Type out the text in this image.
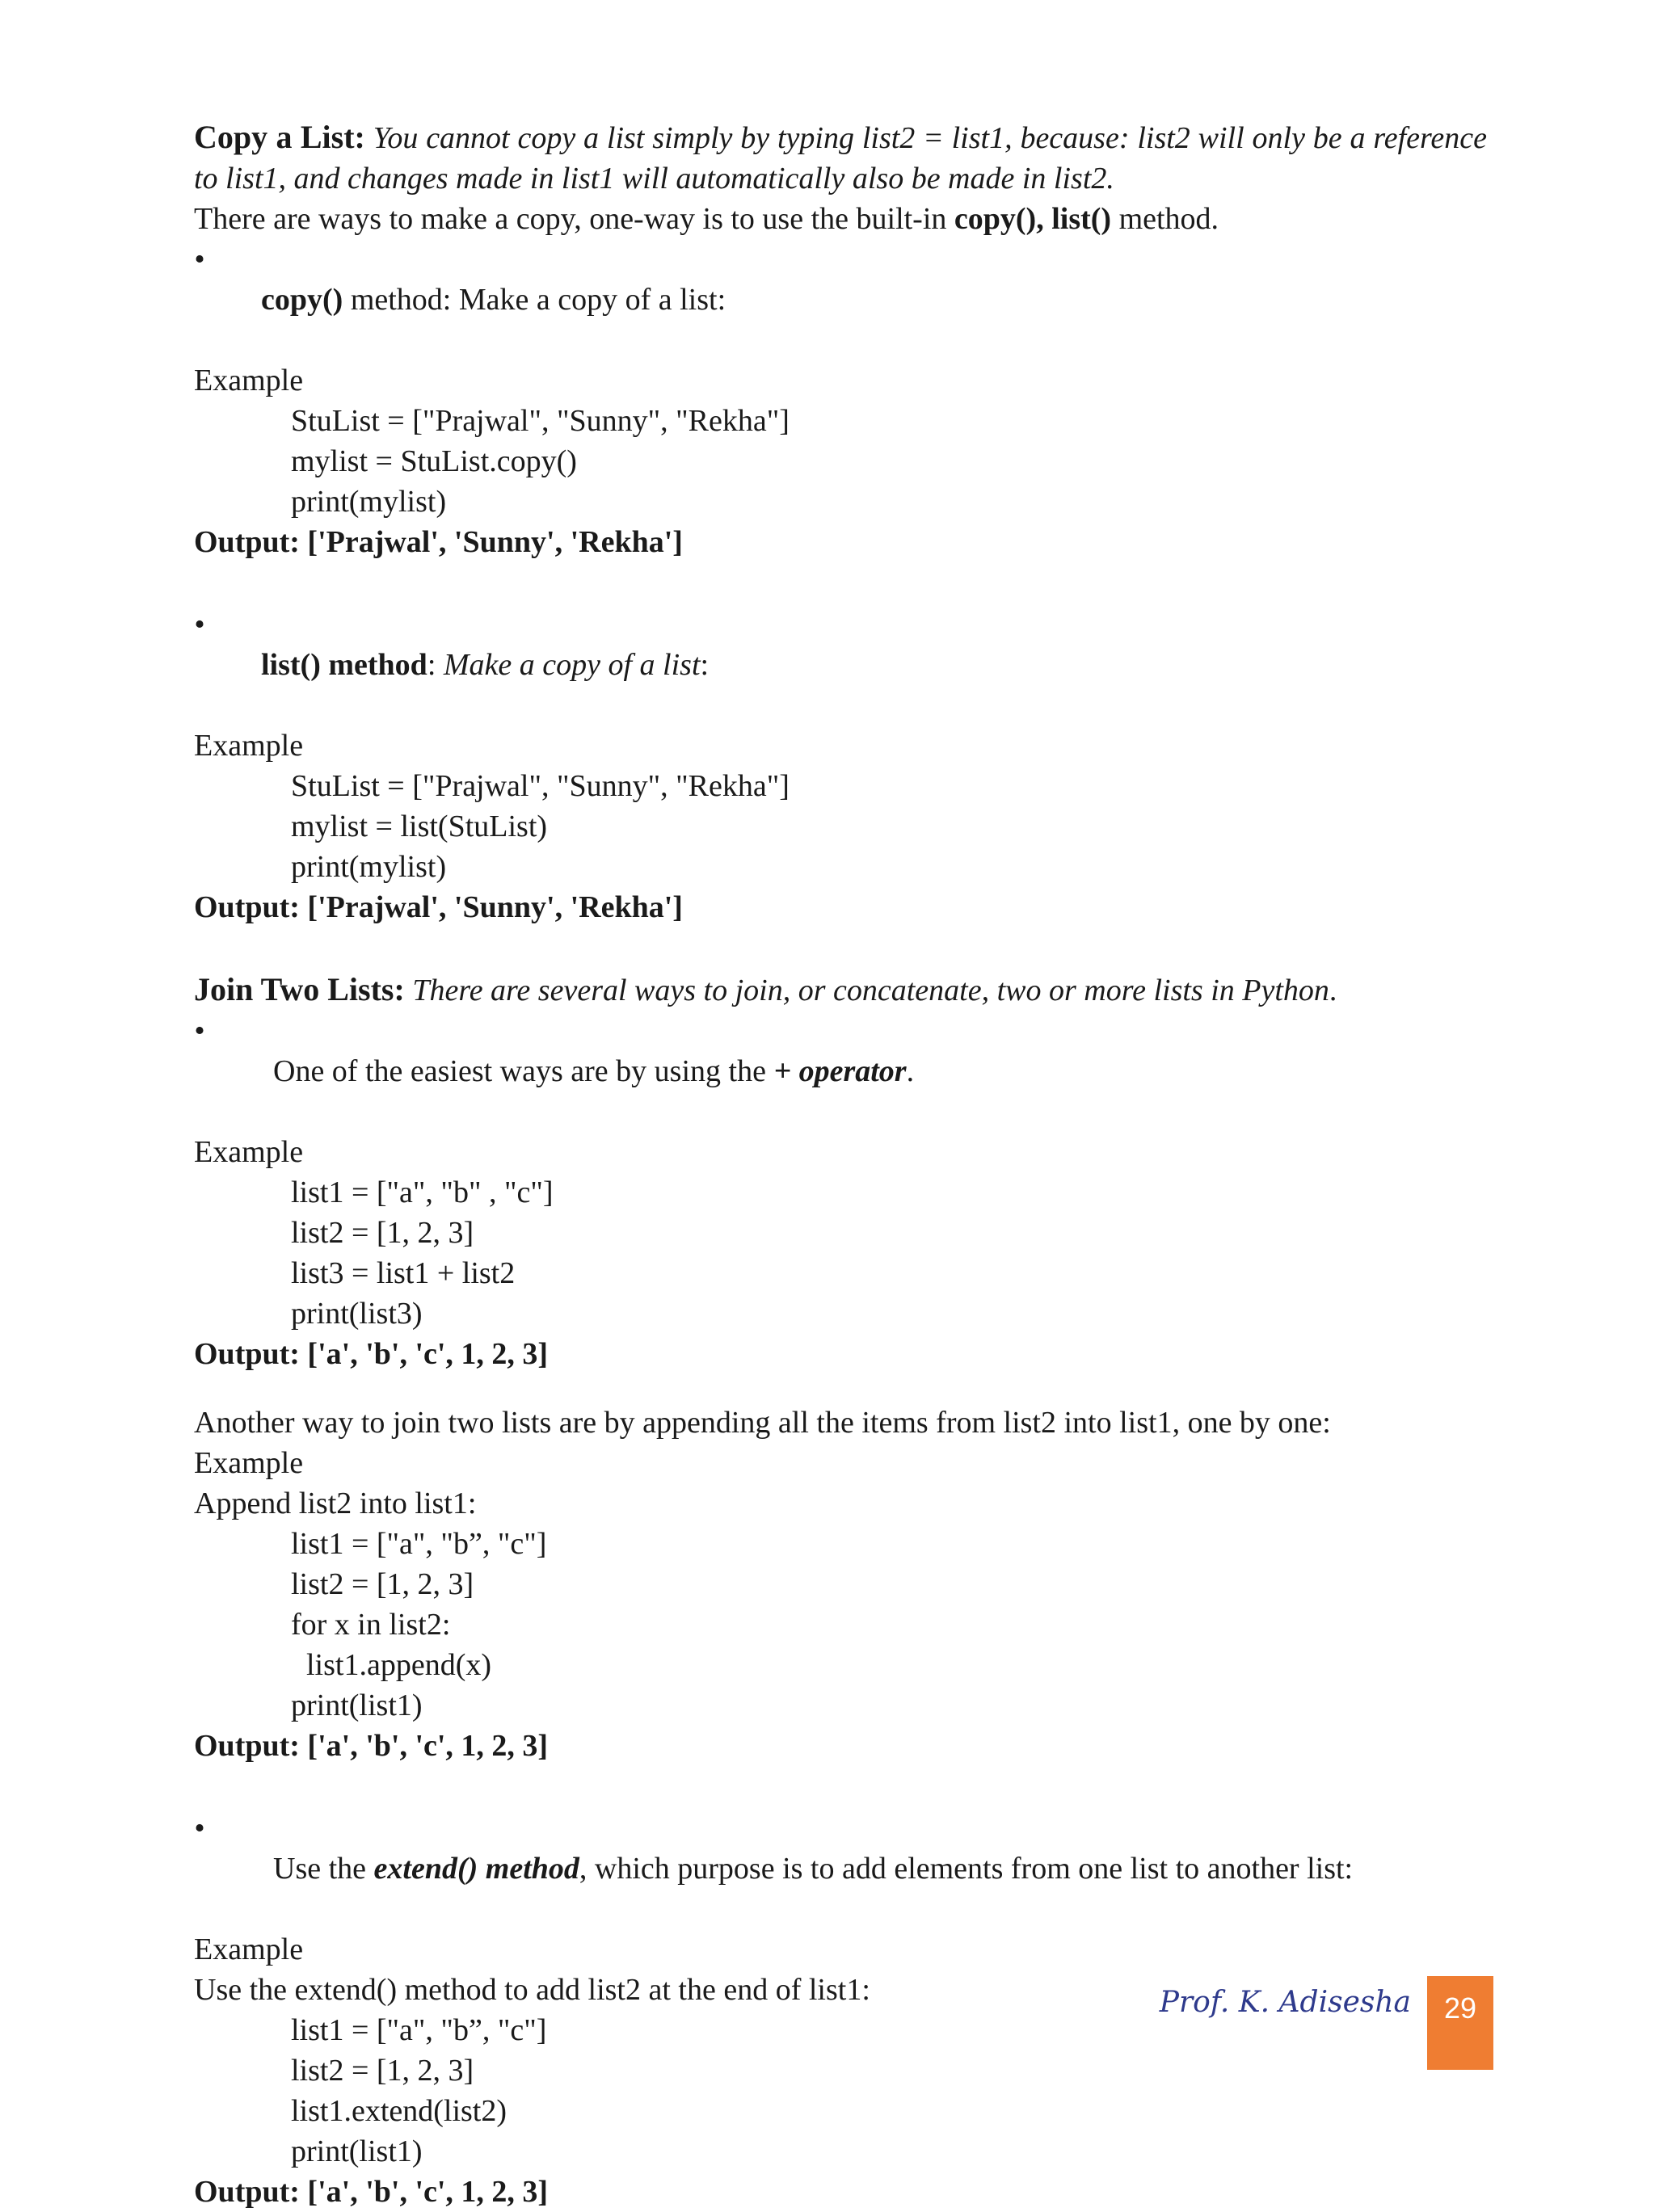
Copy a List: You cannot copy a list simply by typing list2 = list1, because: list2 will only be a reference to list1, and changes made in list1 will automatically also be made in list2.
There are ways to make a copy, one-way is to use the built-in copy(), list() method.

•
copy() method: Make a copy of a list:

Example
StuList = ["Prajwal", "Sunny", "Rekha"]
mylist = StuList.copy()
print(mylist)
Output: ['Prajwal', 'Sunny', 'Rekha']

•
list() method: Make a copy of a list:

Example
StuList = ["Prajwal", "Sunny", "Rekha"]
mylist = list(StuList)
print(mylist)
Output: ['Prajwal', 'Sunny', 'Rekha']
Join Two Lists: There are several ways to join, or concatenate, two or more lists in Python.

•
One of the easiest ways are by using the + operator.

Example
list1 = ["a", "b" , "c"]
list2 = [1, 2, 3]
list3 = list1 + list2
print(list3)
Output: ['a', 'b', 'c', 1, 2, 3]
Another way to join two lists are by appending all the items from list2 into list1, one by one:
Example
Append list2 into list1:
list1 = ["a", "b”, "c"]
list2 = [1, 2, 3]
for x in list2:
list1.append(x)
print(list1)
Output: ['a', 'b', 'c', 1, 2, 3]

•
Use the extend() method, which purpose is to add elements from one list to another list:

Example
Use the extend() method to add list2 at the end of list1:
list1 = ["a", "b”, "c"]
list2 = [1, 2, 3]
list1.extend(list2)
print(list1)
Output: ['a', 'b', 'c', 1, 2, 3]
Prof. K. Adisesha	29
